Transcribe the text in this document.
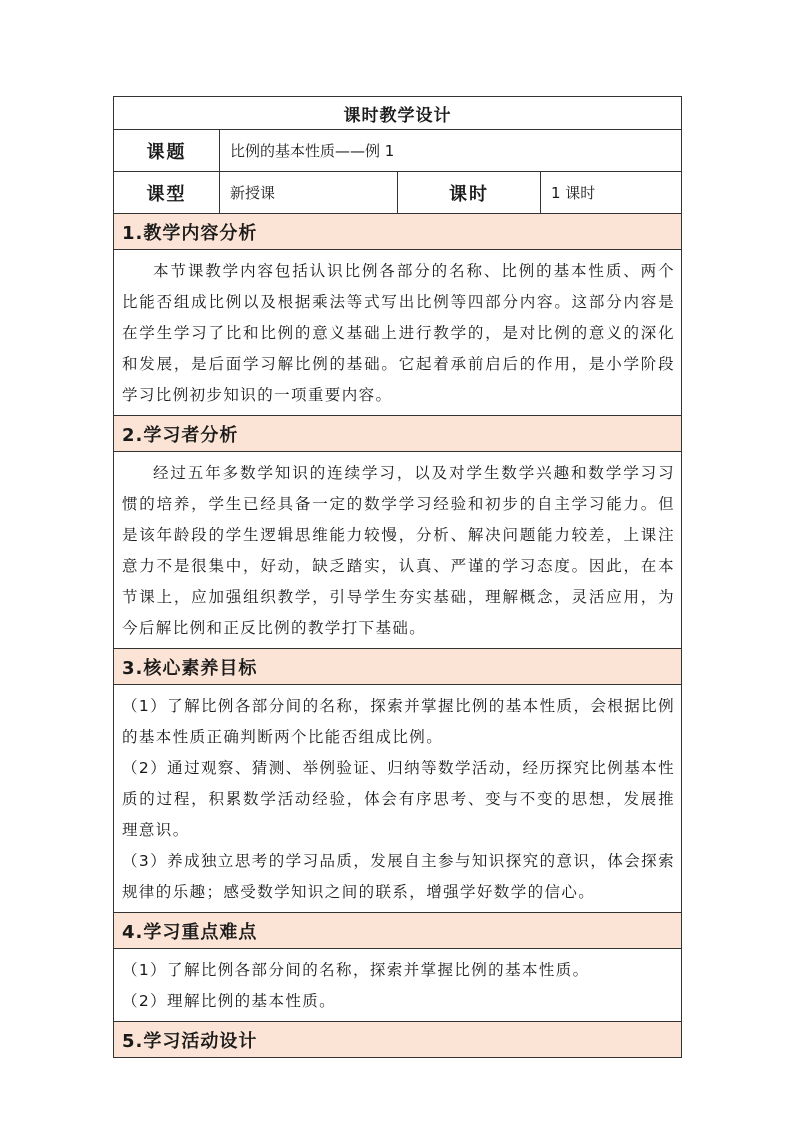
课时教学设计			
课题	比例的基本性质——例 1		
课型	新授课	课时	1 课时
1.教学内容分析			

本节课教学内容包括认识比例各部分的名称、比例的基本性质、两个比能否组成比例以及根据乘法等式写出比例等四部分内容。这部分内容是在学生学习了比和比例的意义基础上进行教学的，是对比例的意义的深化和发展，是后面学习解比例的基础。它起着承前启后的作用，是小学阶段学习比例初步知识的一项重要内容。			

2.学习者分析			

经过五年多数学知识的连续学习，以及对学生数学兴趣和数学学习习惯的培养，学生已经具备一定的数学学习经验和初步的自主学习能力。但是该年龄段的学生逻辑思维能力较慢，分析、解决问题能力较差，上课注意力不是很集中，好动，缺乏踏实，认真、严谨的学习态度。因此，在本节课上，应加强组织教学，引导学生夯实基础，理解概念，灵活应用，为今后解比例和正反比例的教学打下基础。			

3.核心素养目标			

（1）了解比例各部分间的名称，探索并掌握比例的基本性质，会根据比例的基本性质正确判断两个比能否组成比例。

（2）通过观察、猜测、举例验证、归纳等数学活动，经历探究比例基本性质的过程，积累数学活动经验，体会有序思考、变与不变的思想，发展推理意识。

（3）养成独立思考的学习品质，发展自主参与知识探究的意识，体会探索规律的乐趣；感受数学知识之间的联系，增强学好数学的信心。			

4.学习重点难点			

（1）了解比例各部分间的名称，探索并掌握比例的基本性质。

（2）理解比例的基本性质。			

5.学习活动设计			
